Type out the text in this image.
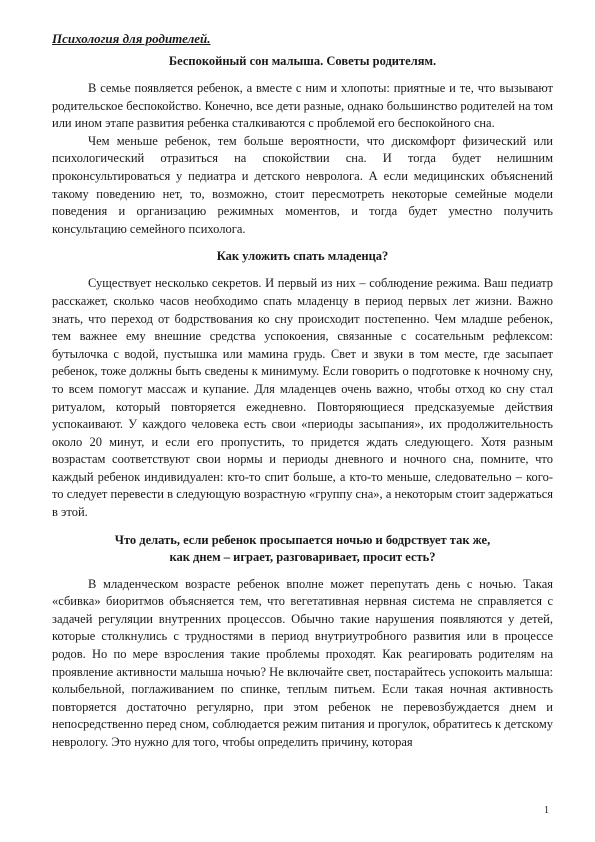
Психология для родителей.

Беспокойный сон малыша. Советы родителям.

В семье появляется ребенок, а вместе с ним и хлопоты: приятные и те, что вызывают родительское беспокойство. Конечно, все дети разные, однако большинство родителей на том или ином этапе развития ребенка сталкиваются с проблемой его беспокойного сна.

Чем меньше ребенок, тем больше вероятности, что дискомфорт физический или психологический отразиться на спокойствии сна. И тогда будет нелишним проконсультироваться у педиатра и детского невролога. А если медицинских объяснений такому поведению нет, то, возможно, стоит пересмотреть некоторые семейные модели поведения и организацию режимных моментов, и тогда будет уместно получить консультацию семейного психолога.

Как уложить спать младенца?

Существует несколько секретов. И первый из них – соблюдение режима. Ваш педиатр расскажет, сколько часов необходимо спать младенцу в период первых лет жизни. Важно знать, что переход от бодрствования ко сну происходит постепенно. Чем младше ребенок, тем важнее ему внешние средства успокоения, связанные с сосательным рефлексом: бутылочка с водой, пустышка или мамина грудь. Свет и звуки в том месте, где засыпает ребенок, тоже должны быть сведены к минимуму. Если говорить о подготовке к ночному сну, то всем помогут массаж и купание. Для младенцев очень важно, чтобы отход ко сну стал ритуалом, который повторяется ежедневно. Повторяющиеся предсказуемые действия успокаивают. У каждого человека есть свои «периоды засыпания», их продолжительность около 20 минут, и если его пропустить, то придется ждать следующего. Хотя разным возрастам соответствуют свои нормы и периоды дневного и ночного сна, помните, что каждый ребенок индивидуален: кто-то спит больше, а кто-то меньше, следовательно – кого-то следует перевести в следующую возрастную «группу сна», а некоторым стоит задержаться в этой.

Что делать, если ребенок просыпается ночью и бодрствует так же,
как днем – играет, разговаривает, просит есть?

В младенческом возрасте ребенок вполне может перепутать день с ночью. Такая «сбивка» биоритмов объясняется тем, что вегетативная нервная система не справляется с задачей регуляции внутренних процессов. Обычно такие нарушения появляются у детей, которые столкнулись с трудностями в период внутриутробного развития или в процессе родов. Но по мере взросления такие проблемы проходят. Как реагировать родителям на проявление активности малыша ночью? Не включайте свет, постарайтесь успокоить малыша: колыбельной, поглаживанием по спинке, теплым питьем. Если такая ночная активность повторяется достаточно регулярно, при этом ребенок не перевозбуждается днем и непосредственно перед сном, соблюдается режим питания и прогулок, обратитесь к детскому неврологу. Это нужно для того, чтобы определить причину, которая

1
